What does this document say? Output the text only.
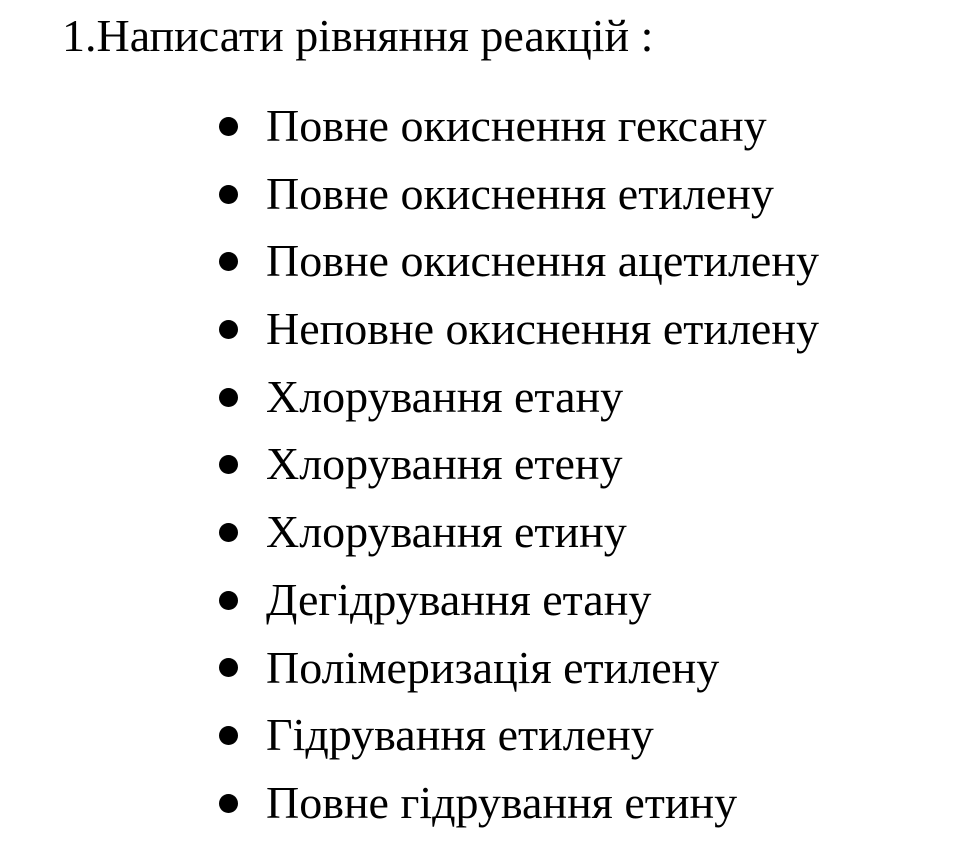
1.Написати рівняння реакцій :
Повне окиснення гексану
Повне окиснення етилену
Повне окиснення ацетилену
Неповне окиснення етилену
Хлорування етану
Хлорування етену
Хлорування етину
Дегідрування етану
Полімеризація етилену
Гідрування етилену
Повне гідрування етину
